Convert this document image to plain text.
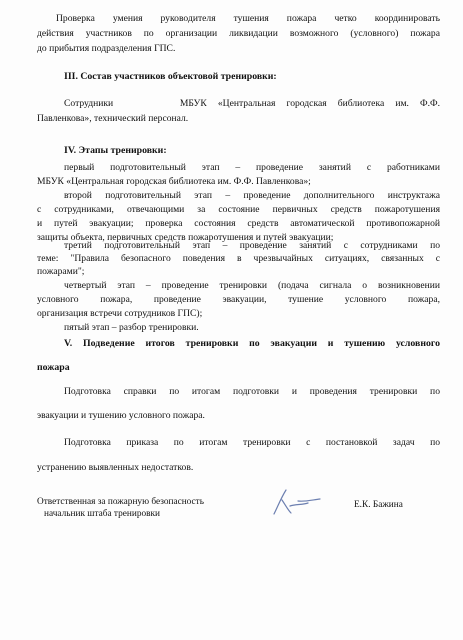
Проверка умения руководителя тушения пожара четко координировать
действия участников по организации ликвидации возможного (условного) пожара
до прибытия подразделения ГПС.
III. Состав участников объектовой тренировки:
Сотрудники      МБУК «Центральная городская библиотека им. Ф.Ф.
Павленкова», технический персонал.
IV. Этапы тренировки:
первый подготовительный этап – проведение занятий с работниками
МБУК «Центральная городская библиотека им. Ф.Ф. Павленкова»;
второй подготовительный этап – проведение дополнительного инструктажа
с сотрудниками, отвечающими за состояние первичных средств пожаротушения
и путей эвакуации; проверка состояния средств автоматической противопожарной
защиты объекта, первичных средств пожаротушения и путей эвакуации;
третий подготовительный этап – проведение занятий с сотрудниками по
теме: "Правила безопасного поведения в чрезвычайных ситуациях, связанных с
пожарами";
четвертый этап – проведение тренировки (подача сигнала о возникновении
условного пожара, проведение эвакуации, тушение условного пожара,
организация встречи сотрудников ГПС);
пятый этап – разбор тренировки.
V. Подведение итогов тренировки по эвакуации и тушению условного
пожара
Подготовка справки по итогам подготовки и проведения тренировки по
эвакуации и тушению условного пожара.
Подготовка приказа по итогам тренировки с постановкой задач по
устранению выявленных недостатков.
Ответственная за пожарную безопасность
начальник штаба тренировки
Е.К. Бажина
